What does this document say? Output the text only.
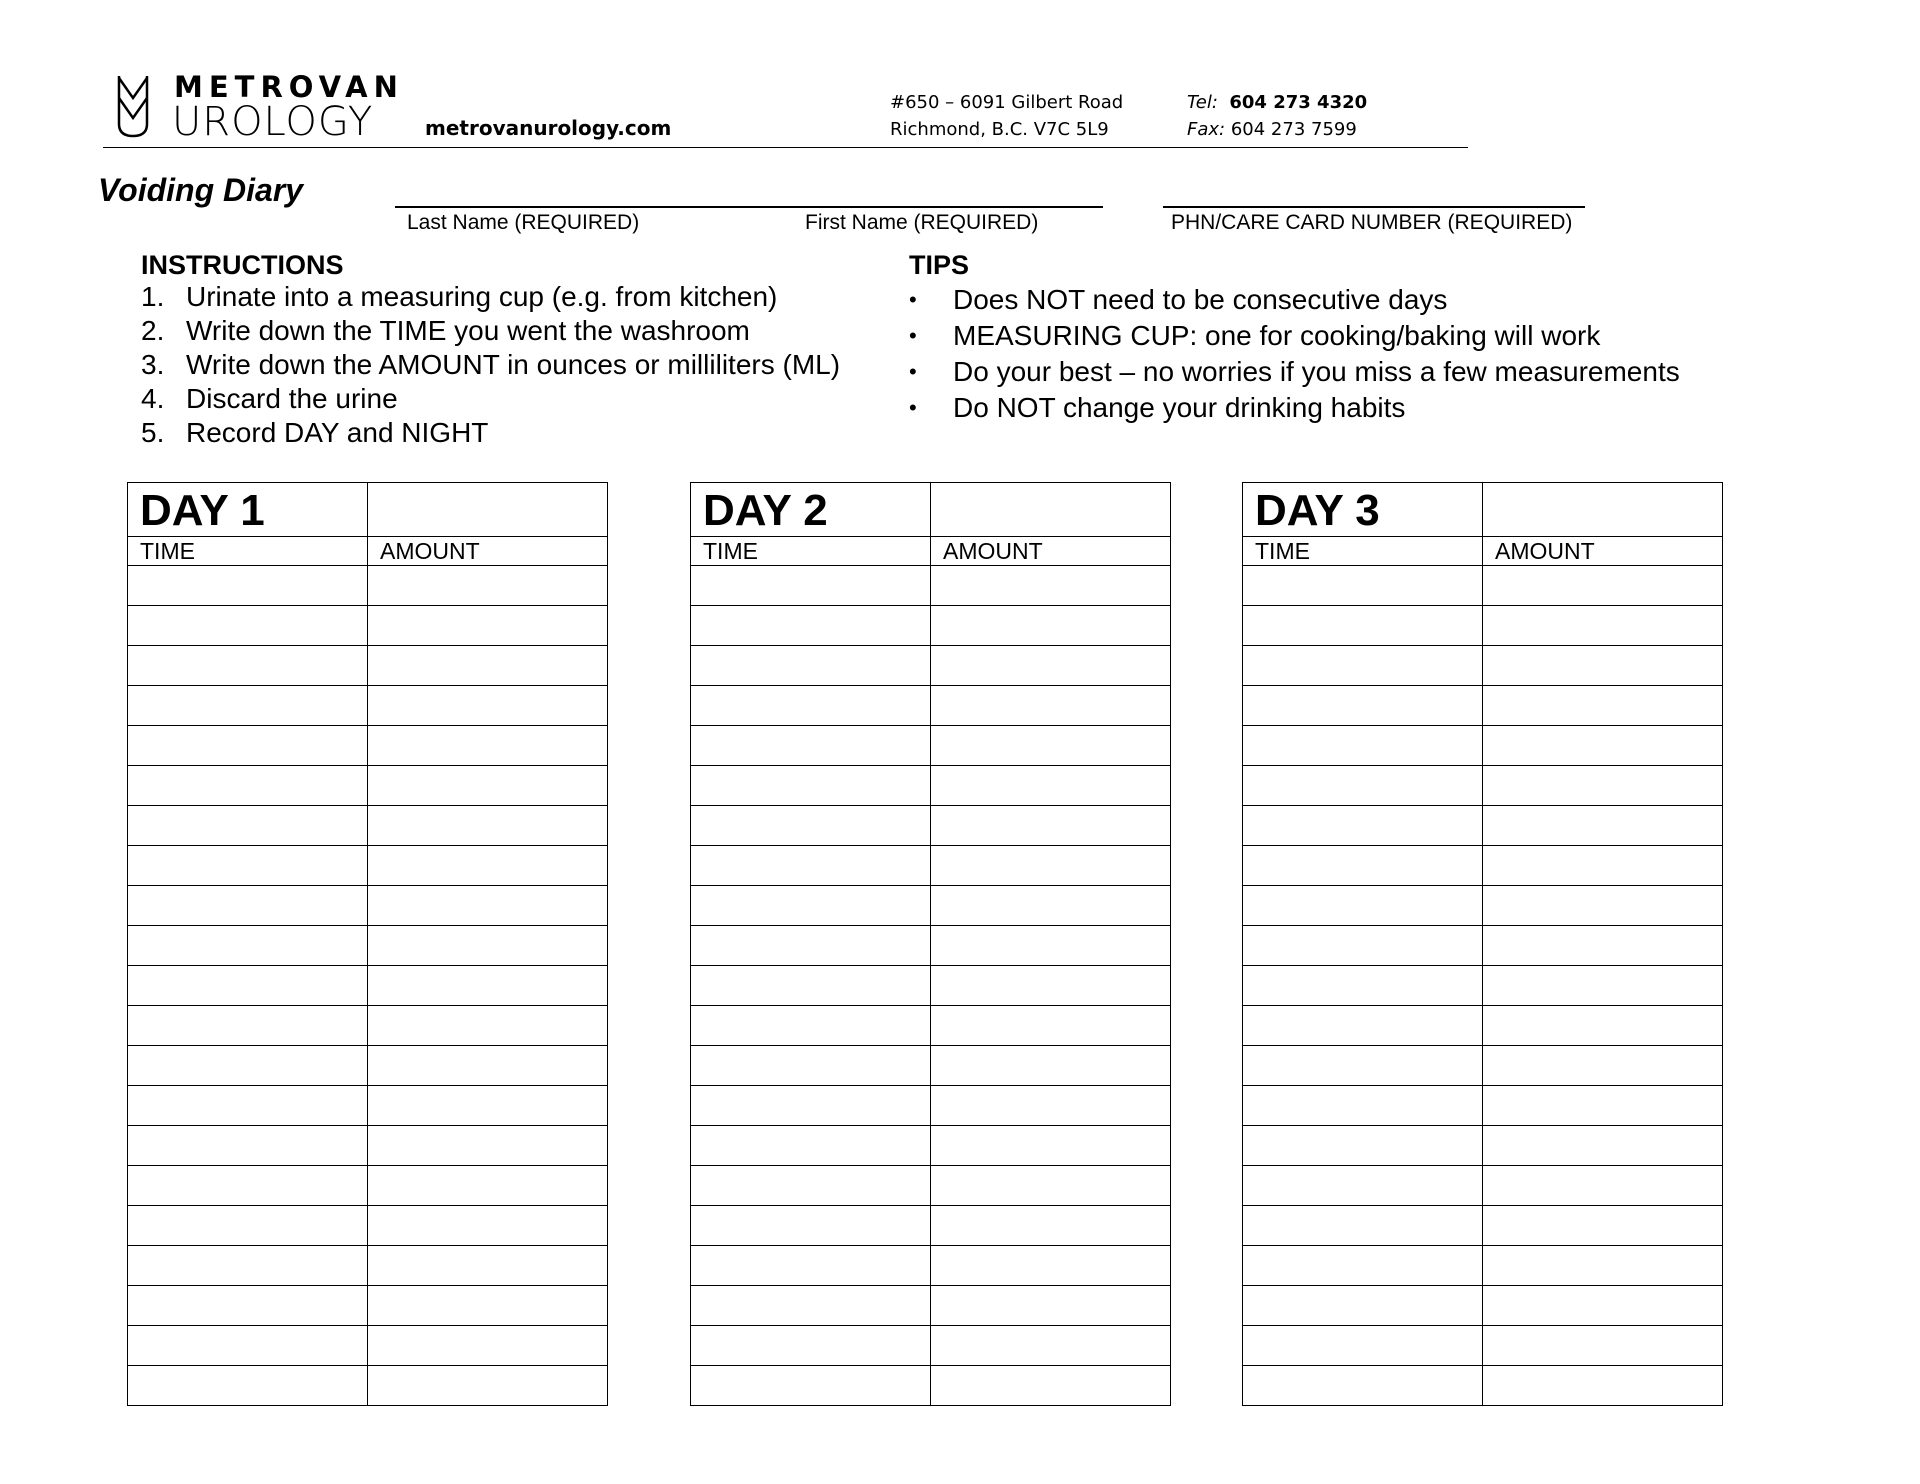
METROVAN
UROLOGY	metrovanurology.com
#650 – 6091 Gilbert Road
Richmond, B.C. V7C 5L9
Tel: 604 273 4320
Fax: 604 273 7599
Voiding Diary
Last Name (REQUIRED)	First Name (REQUIRED)	PHN/CARE CARD NUMBER (REQUIRED)
INSTRUCTIONS
1. Urinate into a measuring cup (e.g. from kitchen)
2. Write down the TIME you went the washroom
3. Write down the AMOUNT in ounces or milliliters (ML)
4. Discard the urine
5. Record DAY and NIGHT
TIPS
• Does NOT need to be consecutive days
• MEASURING CUP: one for cooking/baking will work
• Do your best – no worries if you miss a few measurements
• Do NOT change your drinking habits
DAY 1	
TIME	AMOUNT

DAY 2	
TIME	AMOUNT

DAY 3	
TIME	AMOUNT
